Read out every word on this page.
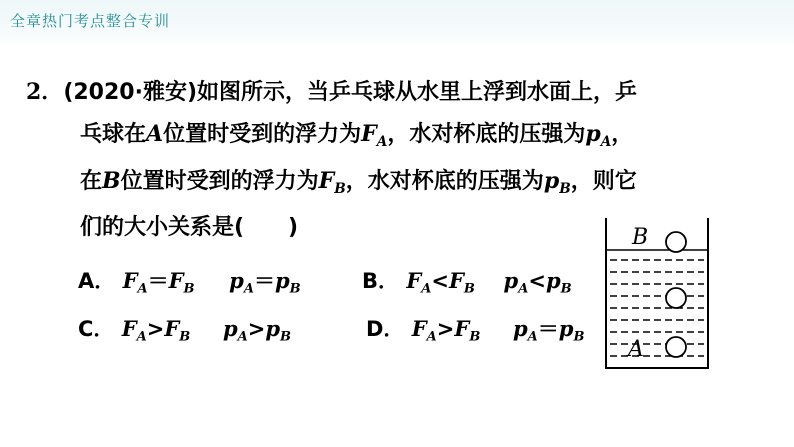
全章热门考点整合专训
2．(2020·雅安)如图所示，当乒乓球从水里上浮到水面上，乒
乓球在A位置时受到的浮力为$F_A$，水对杯底的压强为$p_A$，
在B位置时受到的浮力为$F_B$，水对杯底的压强为$p_B$，则它
们的大小关系是(　　)
A． $F_A=F_B$ $p_A=p_B$	B． $F_A<F_B$ $p_A<p_B$
C． $F_A>F_B$ $p_A>p_B$	D． $F_A>F_B$ $p_A=p_B$
B
A
